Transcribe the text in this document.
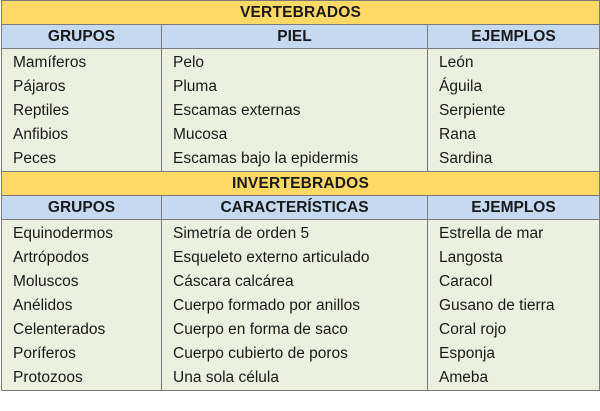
VERTEBRADOS		
GRUPOS	PIEL	EJEMPLOS
Mamíferos	Pelo	León
Pájaros	Pluma	Águila
Reptiles	Escamas externas	Serpiente
Anfibios	Mucosa	Rana
Peces	Escamas bajo la epidermis	Sardina
INVERTEBRADOS		
GRUPOS	CARACTERÍSTICAS	EJEMPLOS
Equinodermos	Simetría de orden 5	Estrella de mar
Artrópodos	Esqueleto externo articulado	Langosta
Moluscos	Cáscara calcárea	Caracol
Anélidos	Cuerpo formado por anillos	Gusano de tierra
Celenterados	Cuerpo en forma de saco	Coral rojo
Poríferos	Cuerpo cubierto de poros	Esponja
Protozoos	Una sola célula	Ameba
